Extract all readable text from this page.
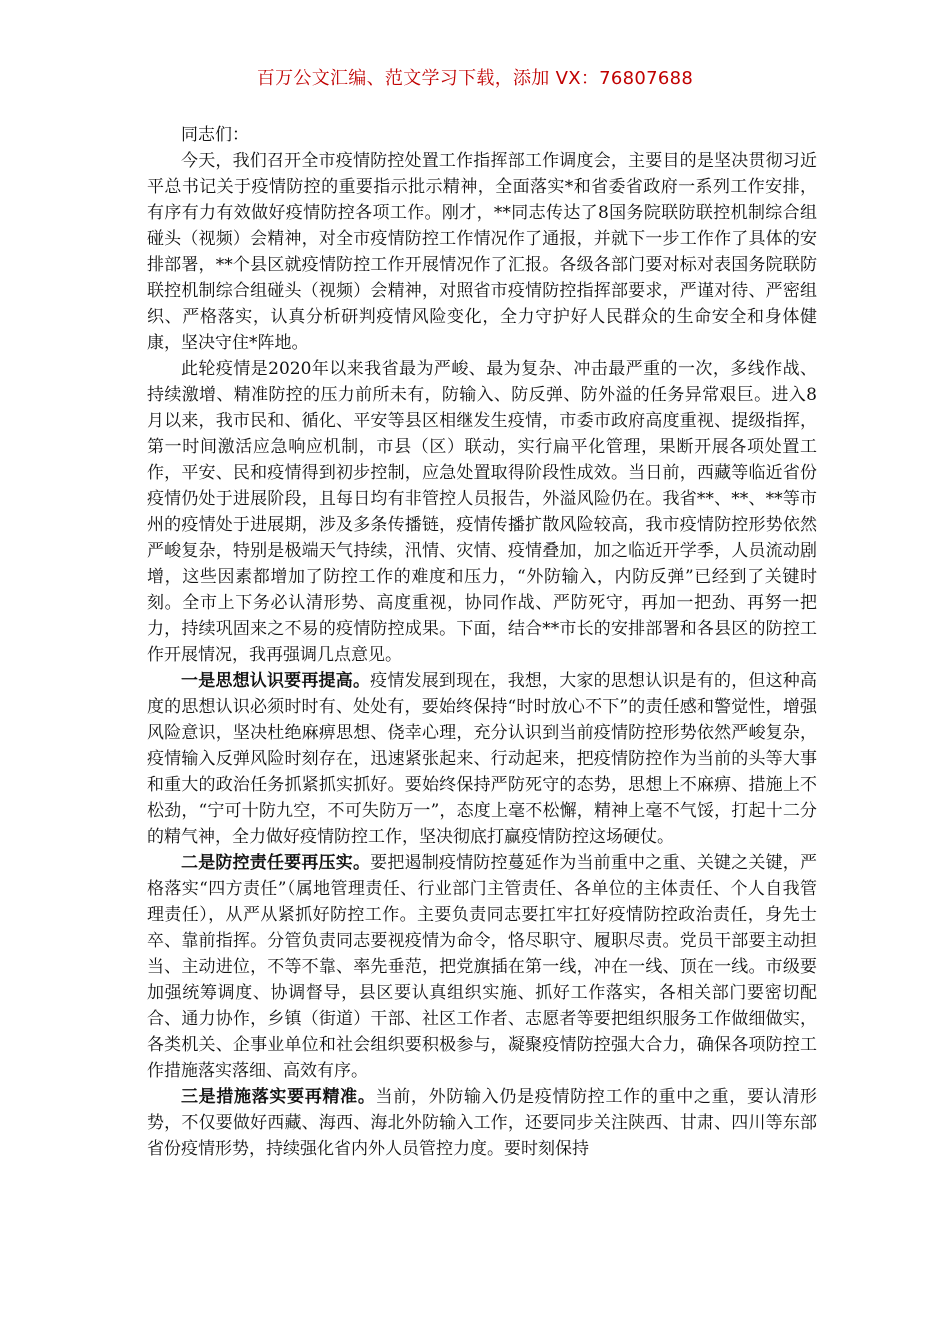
百万公文汇编、范文学习下载，添加 VX：76807688

同志们：

今天，我们召开全市疫情防控处置工作指挥部工作调度会，主要目的是坚决贯彻习近平总书记关于疫情防控的重要指示批示精神，全面落实*和省委省政府一系列工作安排，有序有力有效做好疫情防控各项工作。刚才，**同志传达了8国务院联防联控机制综合组碰头（视频）会精神，对全市疫情防控工作情况作了通报，并就下一步工作作了具体的安排部署，**个县区就疫情防控工作开展情况作了汇报。各级各部门要对标对表国务院联防联控机制综合组碰头（视频）会精神，对照省市疫情防控指挥部要求，严谨对待、严密组织、严格落实，认真分析研判疫情风险变化，全力守护好人民群众的生命安全和身体健康，坚决守住*阵地。

此轮疫情是2020年以来我省最为严峻、最为复杂、冲击最严重的一次，多线作战、持续激增、精准防控的压力前所未有，防输入、防反弹、防外溢的任务异常艰巨。进入8月以来，我市民和、循化、平安等县区相继发生疫情，市委市政府高度重视、提级指挥，第一时间激活应急响应机制，市县（区）联动，实行扁平化管理，果断开展各项处置工作，平安、民和疫情得到初步控制，应急处置取得阶段性成效。当日前，西藏等临近省份疫情仍处于进展阶段，且每日均有非管控人员报告，外溢风险仍在。我省**、**、**等市州的疫情处于进展期，涉及多条传播链，疫情传播扩散风险较高，我市疫情防控形势依然严峻复杂，特别是极端天气持续，汛情、灾情、疫情叠加，加之临近开学季，人员流动剧增，这些因素都增加了防控工作的难度和压力，“外防输入，内防反弹”已经到了关键时刻。全市上下务必认清形势、高度重视，协同作战、严防死守，再加一把劲、再努一把力，持续巩固来之不易的疫情防控成果。下面，结合**市长的安排部署和各县区的防控工作开展情况，我再强调几点意见。

一是思想认识要再提高。疫情发展到现在，我想，大家的思想认识是有的，但这种高度的思想认识必须时时有、处处有，要始终保持“时时放心不下”的责任感和警觉性，增强风险意识，坚决杜绝麻痹思想、侥幸心理，充分认识到当前疫情防控形势依然严峻复杂，疫情输入反弹风险时刻存在，迅速紧张起来、行动起来，把疫情防控作为当前的头等大事和重大的政治任务抓紧抓实抓好。要始终保持严防死守的态势，思想上不麻痹、措施上不松劲，“宁可十防九空，不可失防万一”，态度上毫不松懈，精神上毫不气馁，打起十二分的精气神，全力做好疫情防控工作，坚决彻底打赢疫情防控这场硬仗。

二是防控责任要再压实。要把遏制疫情防控蔓延作为当前重中之重、关键之关键，严格落实“四方责任”（属地管理责任、行业部门主管责任、各单位的主体责任、个人自我管理责任），从严从紧抓好防控工作。主要负责同志要扛牢扛好疫情防控政治责任，身先士卒、靠前指挥。分管负责同志要视疫情为命令，恪尽职守、履职尽责。党员干部要主动担当、主动进位，不等不靠、率先垂范，把党旗插在第一线，冲在一线、顶在一线。市级要加强统筹调度、协调督导，县区要认真组织实施、抓好工作落实，各相关部门要密切配合、通力协作，乡镇（街道）干部、社区工作者、志愿者等要把组织服务工作做细做实，各类机关、企事业单位和社会组织要积极参与，凝聚疫情防控强大合力，确保各项防控工作措施落实落细、高效有序。

三是措施落实要再精准。当前，外防输入仍是疫情防控工作的重中之重，要认清形势，不仅要做好西藏、海西、海北外防输入工作，还要同步关注陕西、甘肃、四川等东部省份疫情形势，持续强化省内外人员管控力度。要时刻保持
